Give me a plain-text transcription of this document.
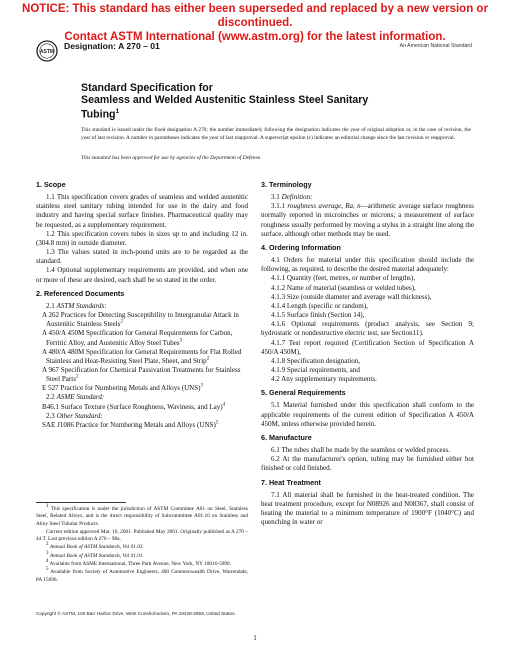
NOTICE: This standard has either been superseded and replaced by a new version or discontinued.
Contact ASTM International (www.astm.org) for the latest information.
ASTM
Designation: A 270 – 01	An American National Standard
Standard Specification for
Seamless and Welded Austenitic Stainless Steel Sanitary
Tubing$^1$
This standard is issued under the fixed designation A 270; the number immediately following the designation indicates the year of original adoption or, in the case of revision, the year of last revision. A number in parentheses indicates the year of last reapproval. A superscript epsilon (ε) indicates an editorial change since the last revision or reapproval.
This standard has been approved for use by agencies of the Department of Defense.

1. Scope

1.1 This specification covers grades of seamless and welded austenitic stainless steel sanitary tubing intended for use in the dairy and food industry and having special surface finishes. Pharmaceutical quality may be requested, as a supplementary requirement.

1.2 This specification covers tubes in sizes up to and including 12 in. (304.8 mm) in outside diameter.

1.3 The values stated in inch-pound units are to be regarded as the standard.

1.4 Optional supplementary requirements are provided, and when one or more of these are desired, each shall be so stated in the order.

2. Referenced Documents

2.1 ASTM Standards:

A 262 Practices for Detecting Susceptibility to Intergranular Attack in Austenitic Stainless Steels$^2$

A 450/A 450M Specification for General Requirements for Carbon, Ferritic Alloy, and Austenitic Alloy Steel Tubes$^3$

A 480/A 480M Specification for General Requirements for Flat Rolled Stainless and Heat-Resisting Steel Plate, Sheet, and Strip$^2$

A 967 Specification for Chemical Passivation Treatments for Stainless Steel Parts$^2$

E 527 Practice for Numbering Metals and Alloys (UNS)$^3$

2.2 ASME Standard:

B46.1 Surface Texture (Surface Roughness, Waviness, and Lay)$^4$

2.3 Other Standard:

SAE J1086 Practice for Numbering Metals and Alloys (UNS)$^5$

1 This specification is under the jurisdiction of ASTM Committee A01 on Steel, Stainless Steel, Related Alloys, and is the direct responsibility of Subcommittee A01.10 on Stainless and Alloy Steel Tubular Products.

Current edition approved Mar. 10, 2001. Published May 2001. Originally published as A 270 – 44 T. Last previous edition A 270 – 98a.

2 Annual Book of ASTM Standards, Vol 01.03.

3 Annual Book of ASTM Standards, Vol 01.01.

4 Available from ASME International, Three Park Avenue, New York, NY 10016-5990.

5 Available from Society of Automotive Engineers, 400 Commonwealth Drive, Warrendale, PA 15096.

3. Terminology

3.1 Definition:

3.1.1 roughness average, Ra, n—arithmetic average surface roughness normally reported in microinches or microns; a measurement of surface roughness usually performed by moving a stylus in a straight line along the surface, although other methods may be used.

4. Ordering Information

4.1 Orders for material under this specification should include the following, as required, to describe the desired material adequately:

4.1.1 Quantity (feet, metres, or number of lengths),

4.1.2 Name of material (seamless or welded tubes),

4.1.3 Size (outside diameter and average wall thickness),

4.1.4 Length (specific or random),

4.1.5 Surface finish (Section 14),

4.1.6 Optional requirements (product analysis, see Section 9; hydrostatic or nondestructive electric test, see Section11).

4.1.7 Test report required (Certification Section of Specification A 450/A 450M),

4.1.8 Specification designation,

4.1.9 Special requirements, and

4.2 Any supplementary requirements.

5. General Requirements

5.1 Material furnished under this specification shall conform to the applicable requirements of the current edition of Specification A 450/A 450M, unless otherwise provided herein.

6. Manufacture

6.1 The tubes shall be made by the seamless or welded process.

6.2 At the manufacturer's option, tubing may be furnished either hot finished or cold finished.

7. Heat Treatment

7.1 All material shall be furnished in the heat-treated condition. The heat treatment procedure, except for N08926 and N08367, shall consist of heating the material to a minimum temperature of 1900°F (1040°C) and quenching in water or

Copyright © ASTM, 100 Barr Harbor Drive, West Conshohocken, PA 19428-2959, United States.
1
